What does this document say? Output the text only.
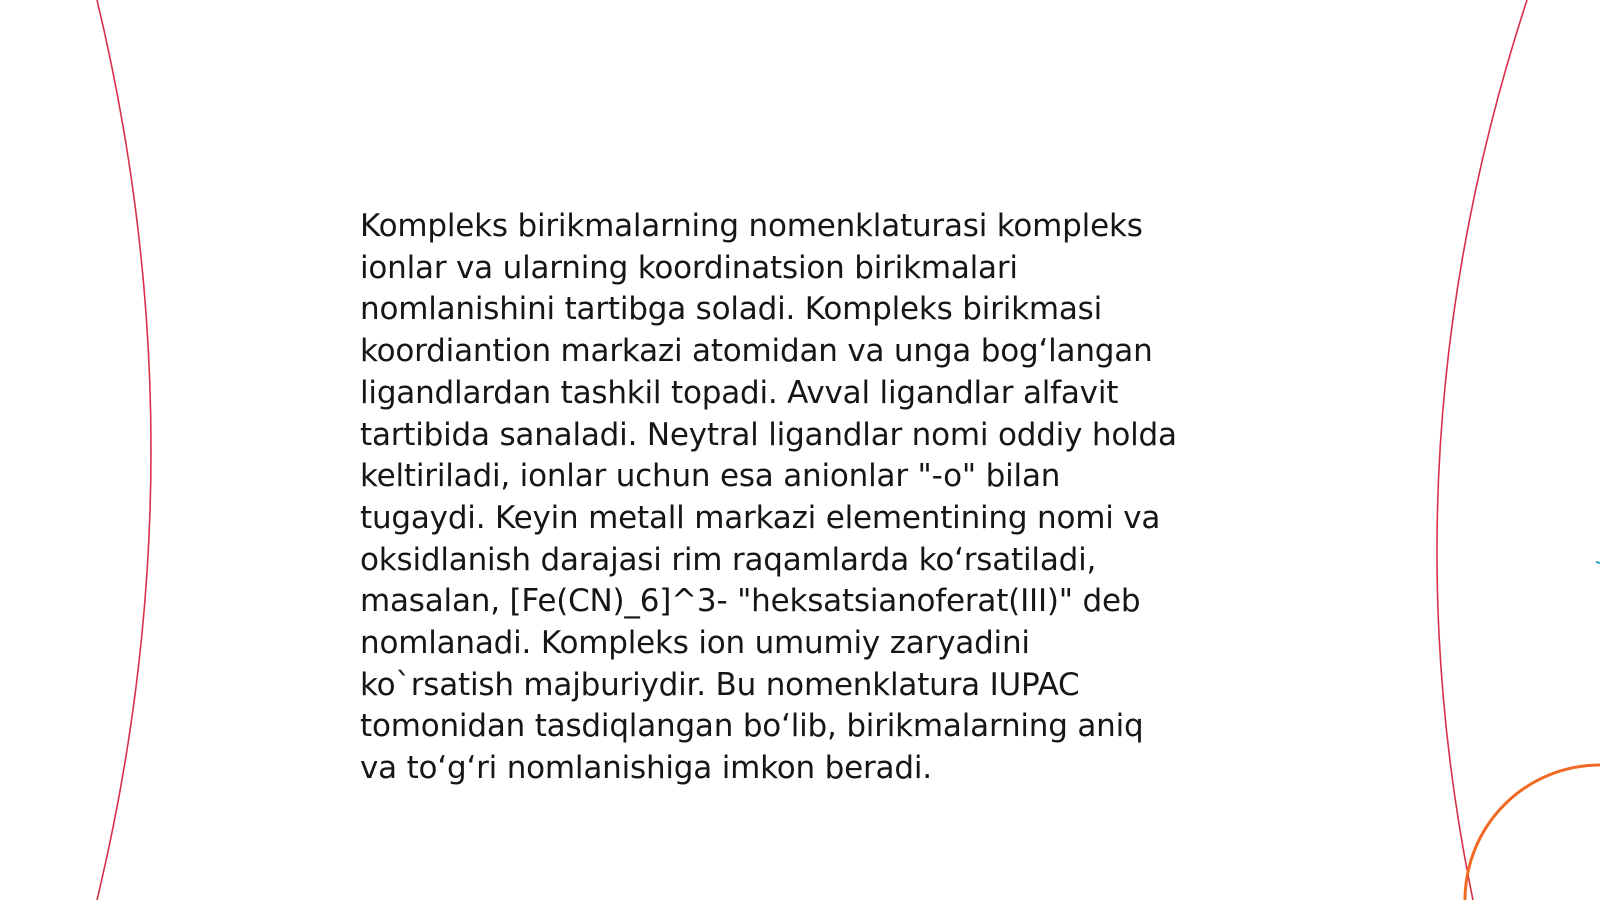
Kompleks birikmalarning nomenklaturasi kompleks
ionlar va ularning koordinatsion birikmalari
nomlanishini tartibga soladi. Kompleks birikmasi
koordiantion markazi atomidan va unga bog‘langan
ligandlardan tashkil topadi. Avval ligandlar alfavit
tartibida sanaladi. Neytral ligandlar nomi oddiy holda
keltiriladi, ionlar uchun esa anionlar "-o" bilan
tugaydi. Keyin metall markazi elementining nomi va
oksidlanish darajasi rim raqamlarda ko‘rsatiladi,
masalan, [Fe(CN)_6]^3- "heksatsianoferat(III)" deb
nomlanadi. Kompleks ion umumiy zaryadini
ko`rsatish majburiydir. Bu nomenklatura IUPAC
tomonidan tasdiqlangan bo‘lib, birikmalarning aniq
va to‘g‘ri nomlanishiga imkon beradi.
